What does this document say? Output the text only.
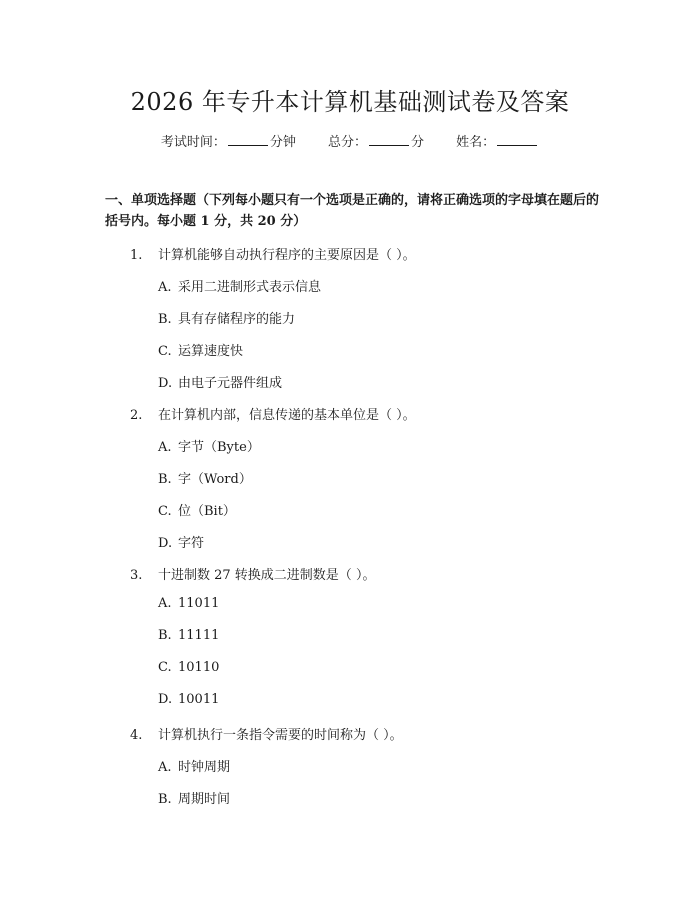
2026 年专升本计算机基础测试卷及答案
考试时间：	分钟 总分：	分 姓名：

一、单项选择题（下列每小题只有一个选项是正确的，请将正确选项的字母填在题后的括号内。每小题 1 分，共 20 分）

1. 计算机能够自动执行程序的主要原因是（ ）。
A. 采用二进制形式表示信息
B. 具有存储程序的能力
C. 运算速度快
D. 由电子元器件组成
2. 在计算机内部，信息传递的基本单位是（ ）。
A. 字节（Byte）
B. 字（Word）
C. 位（Bit）
D. 字符
3. 十进制数 27 转换成二进制数是（ ）。
A. 11011
B. 11111
C. 10110
D. 10011
4. 计算机执行一条指令需要的时间称为（ ）。
A. 时钟周期
B. 周期时间
